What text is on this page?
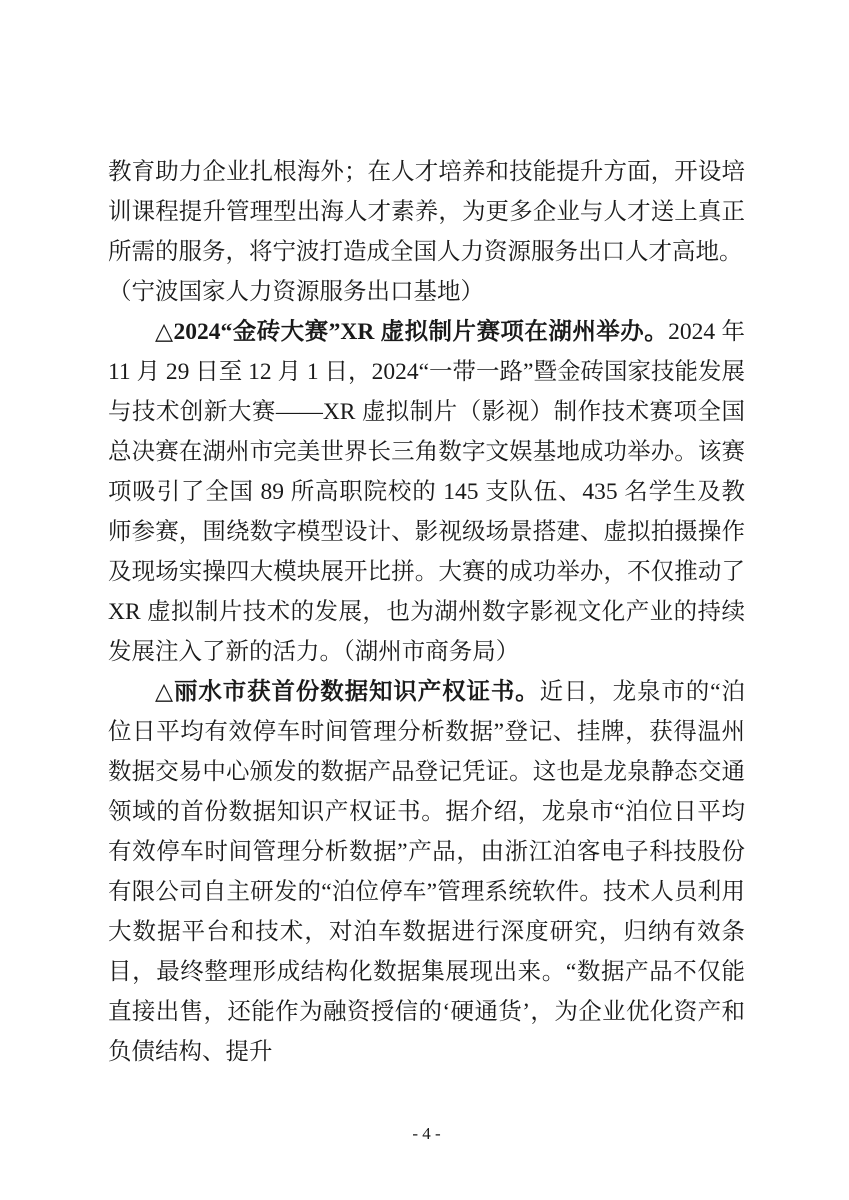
教育助力企业扎根海外；在人才培养和技能提升方面，开设培训课程提升管理型出海人才素养，为更多企业与人才送上真正所需的服务，将宁波打造成全国人力资源服务出口人才高地。
（宁波国家人力资源服务出口基地）
△2024“金砖大赛”XR 虚拟制片赛项在湖州举办。2024 年 11 月 29 日至 12 月 1 日，2024“一带一路”暨金砖国家技能发展与技术创新大赛——XR 虚拟制片（影视）制作技术赛项全国总决赛在湖州市完美世界长三角数字文娱基地成功举办。该赛项吸引了全国 89 所高职院校的 145 支队伍、435 名学生及教师参赛，围绕数字模型设计、影视级场景搭建、虚拟拍摄操作及现场实操四大模块展开比拼。大赛的成功举办，不仅推动了 XR 虚拟制片技术的发展，也为湖州数字影视文化产业的持续发展注入了新的活力。（湖州市商务局）
△丽水市获首份数据知识产权证书。近日，龙泉市的“泊位日平均有效停车时间管理分析数据”登记、挂牌，获得温州数据交易中心颁发的数据产品登记凭证。这也是龙泉静态交通领域的首份数据知识产权证书。据介绍，龙泉市“泊位日平均有效停车时间管理分析数据”产品，由浙江泊客电子科技股份有限公司自主研发的“泊位停车”管理系统软件。技术人员利用大数据平台和技术，对泊车数据进行深度研究，归纳有效条目，最终整理形成结构化数据集展现出来。“数据产品不仅能直接出售，还能作为融资授信的‘硬通货’，为企业优化资产和负债结构、提升
- 4 -
